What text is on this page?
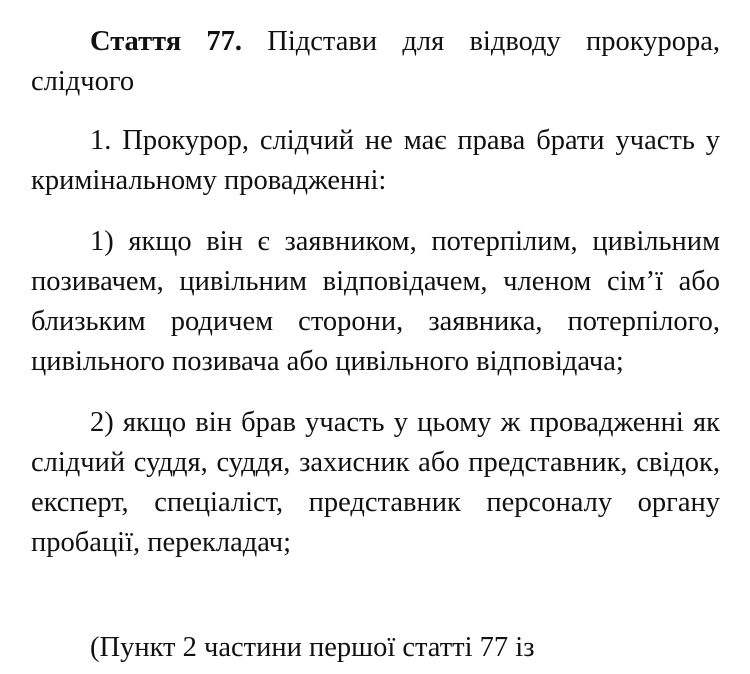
Стаття 77. Підстави для відводу прокурора, слідчого

1. Прокурор, слідчий не має права брати участь у кримінальному провадженні:

1) якщо він є заявником, потерпілим, цивільним позивачем, цивільним відповідачем, членом сім’ї або близьким родичем сторони, заявника, потерпілого, цивільного позивача або цивільного відповідача;

2) якщо він брав участь у цьому ж провадженні як слідчий суддя, суддя, захисник або представник, свідок, експерт, спеціаліст, представник персоналу органу пробації, перекладач;

(Пункт 2 частини першої статті 77 із
